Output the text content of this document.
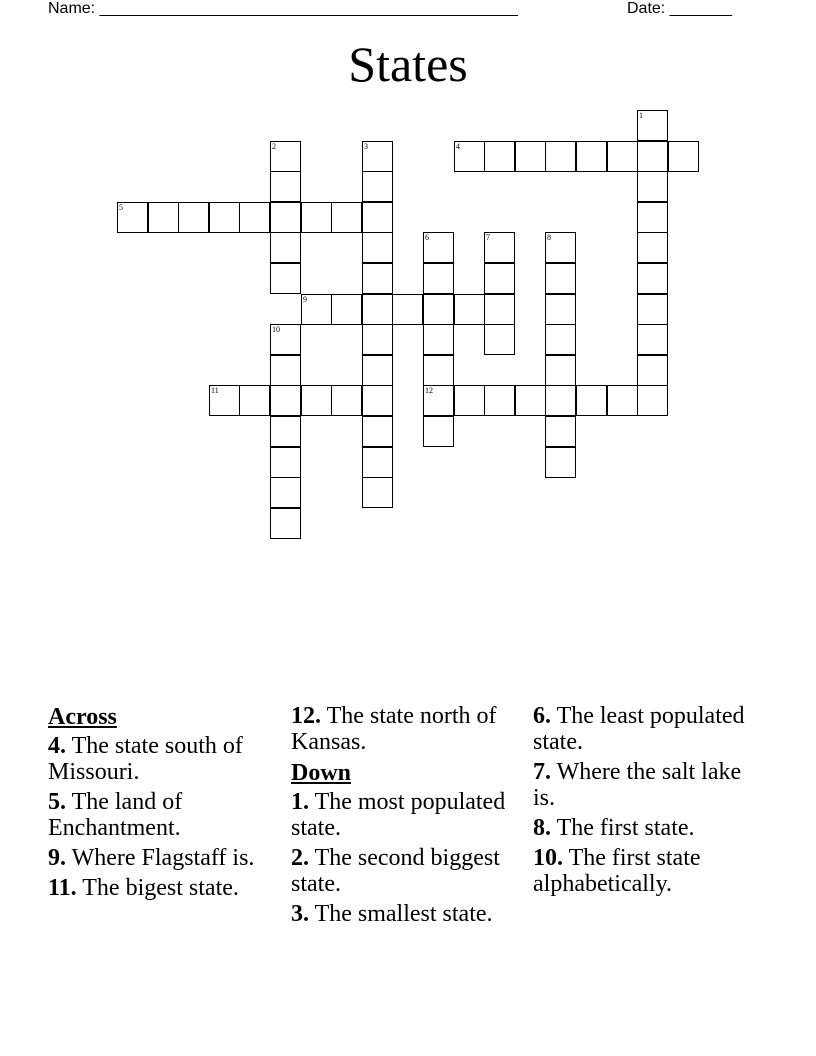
Name: _______________________________________________	Date: _______
States
1
2	3	4
5
6
12
7	8
9
10
11
Across
4. The state south of Missouri.
5. The land of Enchantment.
9. Where Flagstaff is.
11. The bigest state.
12. The state north of Kansas.
Down
1. The most populated state.
2. The second biggest state.
3. The smallest state.
6. The least populated state.
7. Where the salt lake is.
8. The first state.
10. The first state alphabetically.
